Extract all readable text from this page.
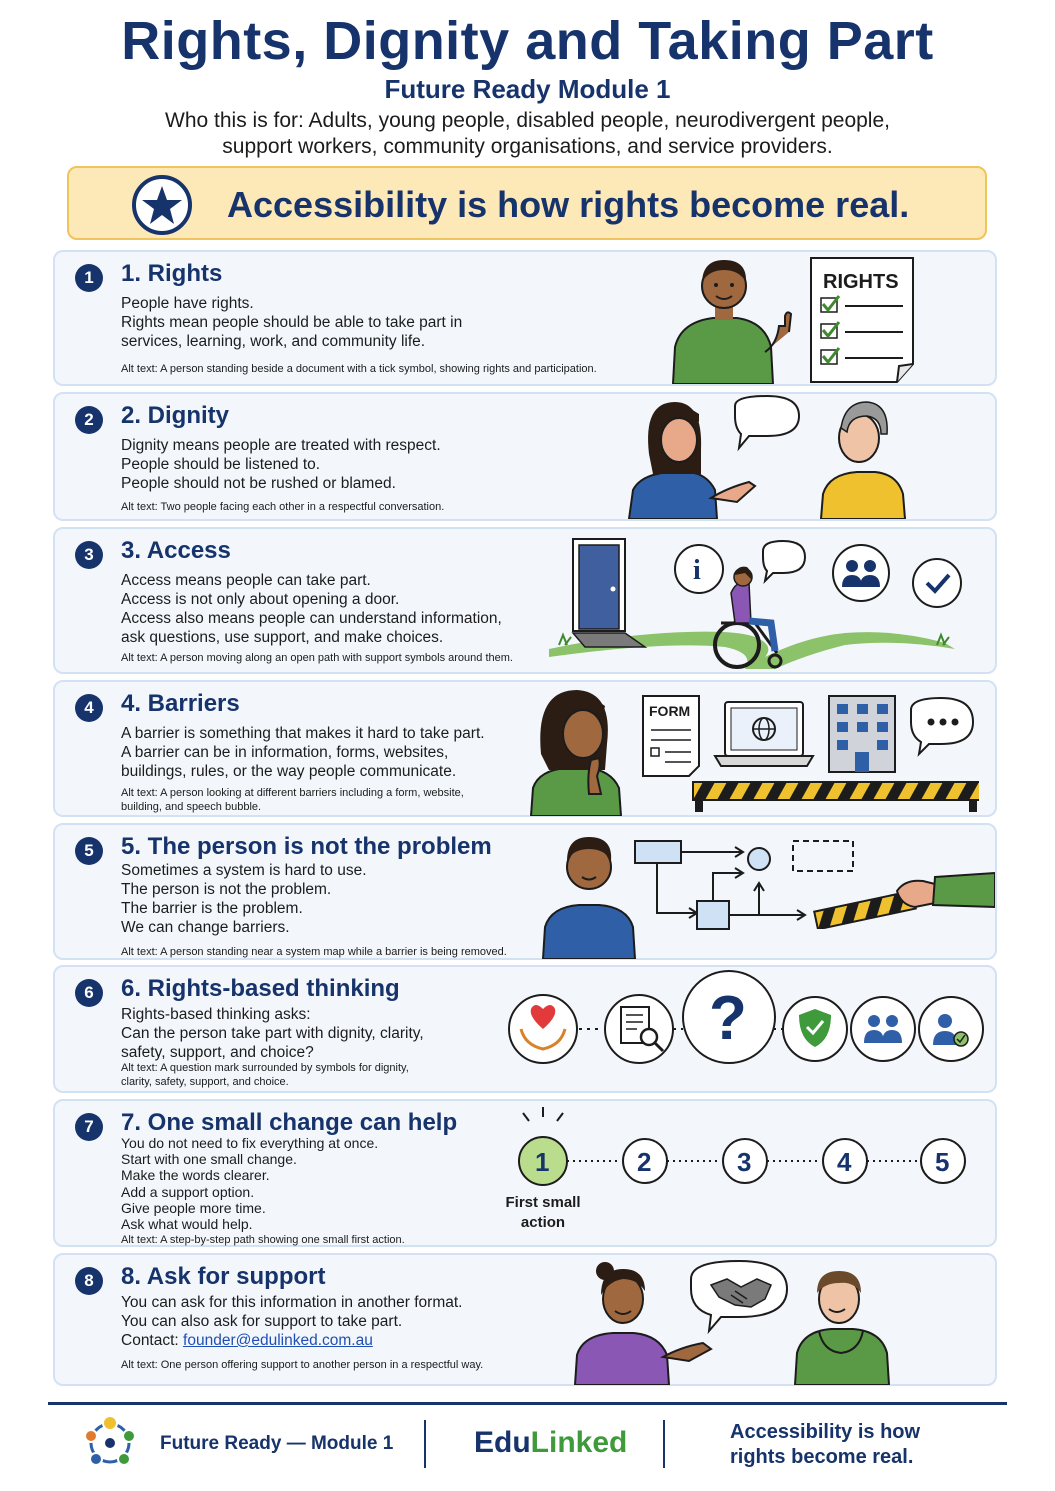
Rights, Dignity and Taking Part
Future Ready Module 1
Who this is for: Adults, young people, disabled people, neurodivergent people,
support workers, community organisations, and service providers.
Accessibility is how rights become real.
1	1. Rights
People have rights.
Rights mean people should be able to take part in
services, learning, work, and community life.
Alt text: A person standing beside a document with a tick symbol, showing rights and participation.
RIGHTS
2	2. Dignity
Dignity means people are treated with respect.
People should be listened to.
People should not be rushed or blamed.
Alt text: Two people facing each other in a respectful conversation.
3	3. Access
Access means people can take part.
Access is not only about opening a door.
Access also means people can understand information,
ask questions, use support, and make choices.
Alt text: A person moving along an open path with support symbols around them.
i
4	4. Barriers
A barrier is something that makes it hard to take part.
A barrier can be in information, forms, websites,
buildings, rules, or the way people communicate.
Alt text: A person looking at different barriers including a form, website,
building, and speech bubble.
FORM
5	5. The person is not the problem
Sometimes a system is hard to use.
The person is not the problem.
The barrier is the problem.
We can change barriers.
Alt text: A person standing near a system map while a barrier is being removed.
6	6. Rights-based thinking
Rights-based thinking asks:
Can the person take part with dignity, clarity,
safety, support, and choice?
Alt text: A question mark surrounded by symbols for dignity,
clarity, safety, support, and choice.
?
7	7. One small change can help
You do not need to fix everything at once.
Start with one small change.
Make the words clearer.
Add a support option.
Give people more time.
Ask what would help.
Alt text: A step-by-step path showing one small first action.
1	2	3	4	5
First small
action
8	8. Ask for support
You can ask for this information in another format.
You can also ask for support to take part.
Contact: founder@edulinked.com.au
Alt text: One person offering support to another person in a respectful way.
Future Ready — Module 1	EduLinked	Accessibility is how
rights become real.
